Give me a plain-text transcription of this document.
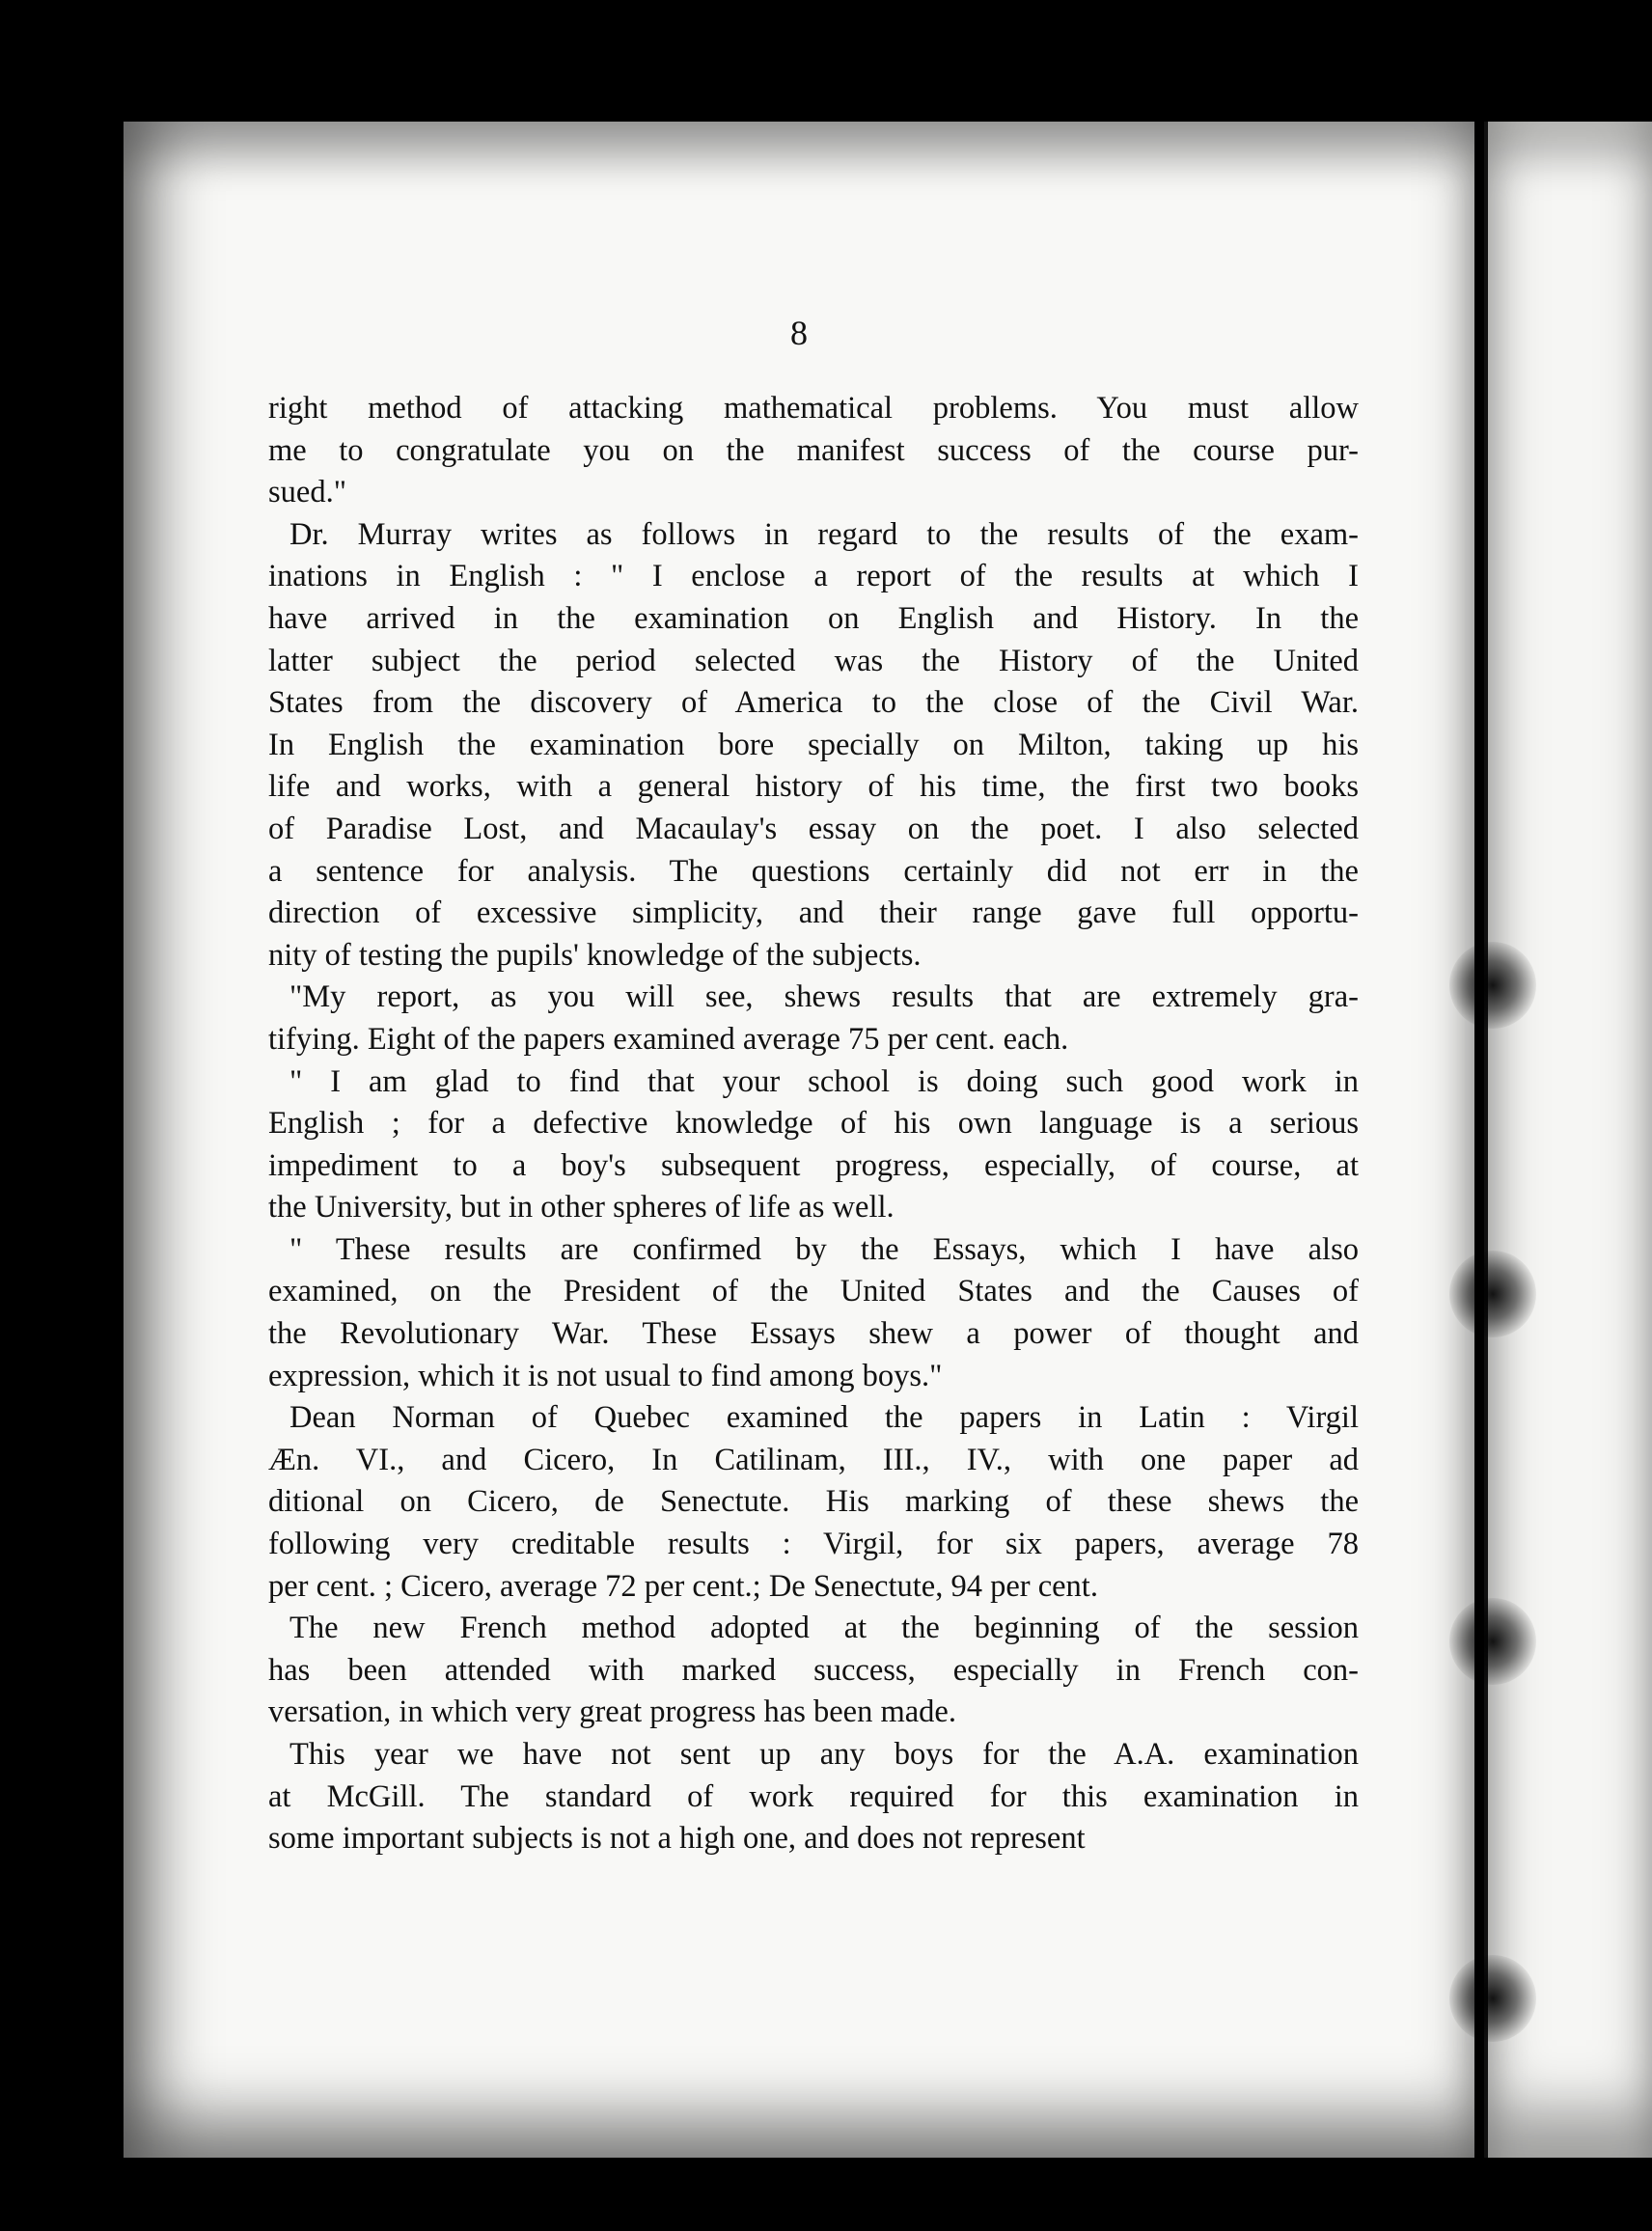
8
right method of attacking mathematical problems. You must allow
me to congratulate you on the manifest success of the course pur-
sued."
Dr. Murray writes as follows in regard to the results of the exam-
inations in English : " I enclose a report of the results at which I
have arrived in the examination on English and History. In the
latter subject the period selected was the History of the United
States from the discovery of America to the close of the Civil War.
In English the examination bore specially on Milton, taking up his
life and works, with a general history of his time, the first two books
of Paradise Lost, and Macaulay's essay on the poet. I also selected
a sentence for analysis. The questions certainly did not err in the
direction of excessive simplicity, and their range gave full opportu-
nity of testing the pupils' knowledge of the subjects.
"My report, as you will see, shews results that are extremely gra-
tifying. Eight of the papers examined average 75 per cent. each.
" I am glad to find that your school is doing such good work in
English ; for a defective knowledge of his own language is a serious
impediment to a boy's subsequent progress, especially, of course, at
the University, but in other spheres of life as well.
" These results are confirmed by the Essays, which I have also
examined, on the President of the United States and the Causes of
the Revolutionary War. These Essays shew a power of thought and
expression, which it is not usual to find among boys."
Dean Norman of Quebec examined the papers in Latin : Virgil
Æn. VI., and Cicero, In Catilinam, III., IV., with one paper ad
ditional on Cicero, de Senectute. His marking of these shews the
following very creditable results : Virgil, for six papers, average 78
per cent. ; Cicero, average 72 per cent.; De Senectute, 94 per cent.
The new French method adopted at the beginning of the session
has been attended with marked success, especially in French con-
versation, in which very great progress has been made.
This year we have not sent up any boys for the A.A. examination
at McGill. The standard of work required for this examination in
some important subjects is not a high one, and does not represent
